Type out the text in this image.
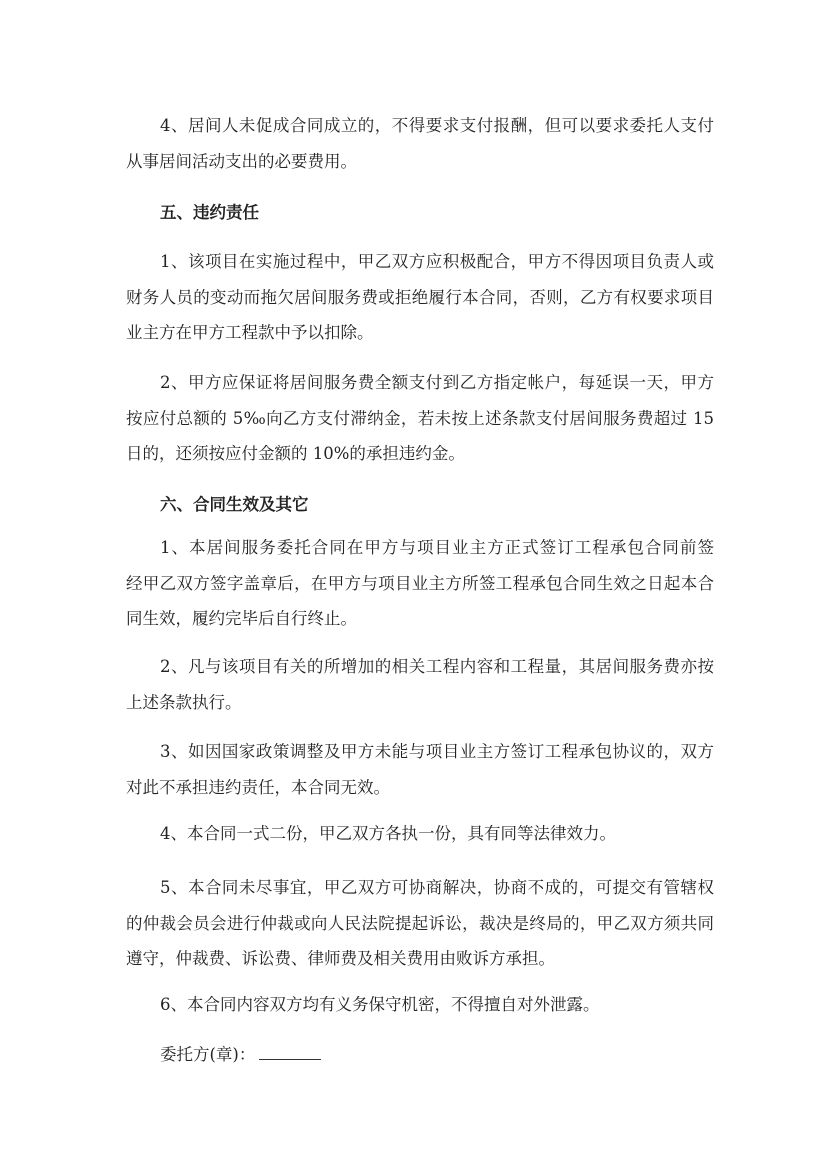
4、居间人未促成合同成立的，不得要求支付报酬，但可以要求委托人支付
从事居间活动支出的必要费用。
五、违约责任
1、该项目在实施过程中，甲乙双方应积极配合，甲方不得因项目负责人或
财务人员的变动而拖欠居间服务费或拒绝履行本合同，否则，乙方有权要求项目
业主方在甲方工程款中予以扣除。
2、甲方应保证将居间服务费全额支付到乙方指定帐户，每延误一天，甲方
按应付总额的 5‰向乙方支付滞纳金，若未按上述条款支付居间服务费超过 15
日的，还须按应付金额的 10%的承担违约金。
六、合同生效及其它
1、本居间服务委托合同在甲方与项目业主方正式签订工程承包合同前签
经甲乙双方签字盖章后，在甲方与项目业主方所签工程承包合同生效之日起本合
同生效，履约完毕后自行终止。
2、凡与该项目有关的所增加的相关工程内容和工程量，其居间服务费亦按
上述条款执行。
3、如因国家政策调整及甲方未能与项目业主方签订工程承包协议的，双方
对此不承担违约责任，本合同无效。
4、本合同一式二份，甲乙双方各执一份，具有同等法律效力。
5、本合同未尽事宜，甲乙双方可协商解决，协商不成的，可提交有管辖权
的仲裁会员会进行仲裁或向人民法院提起诉讼，裁决是终局的，甲乙双方须共同
遵守，仲裁费、诉讼费、律师费及相关费用由败诉方承担。
6、本合同内容双方均有义务保守机密，不得擅自对外泄露。
委托方(章)：
